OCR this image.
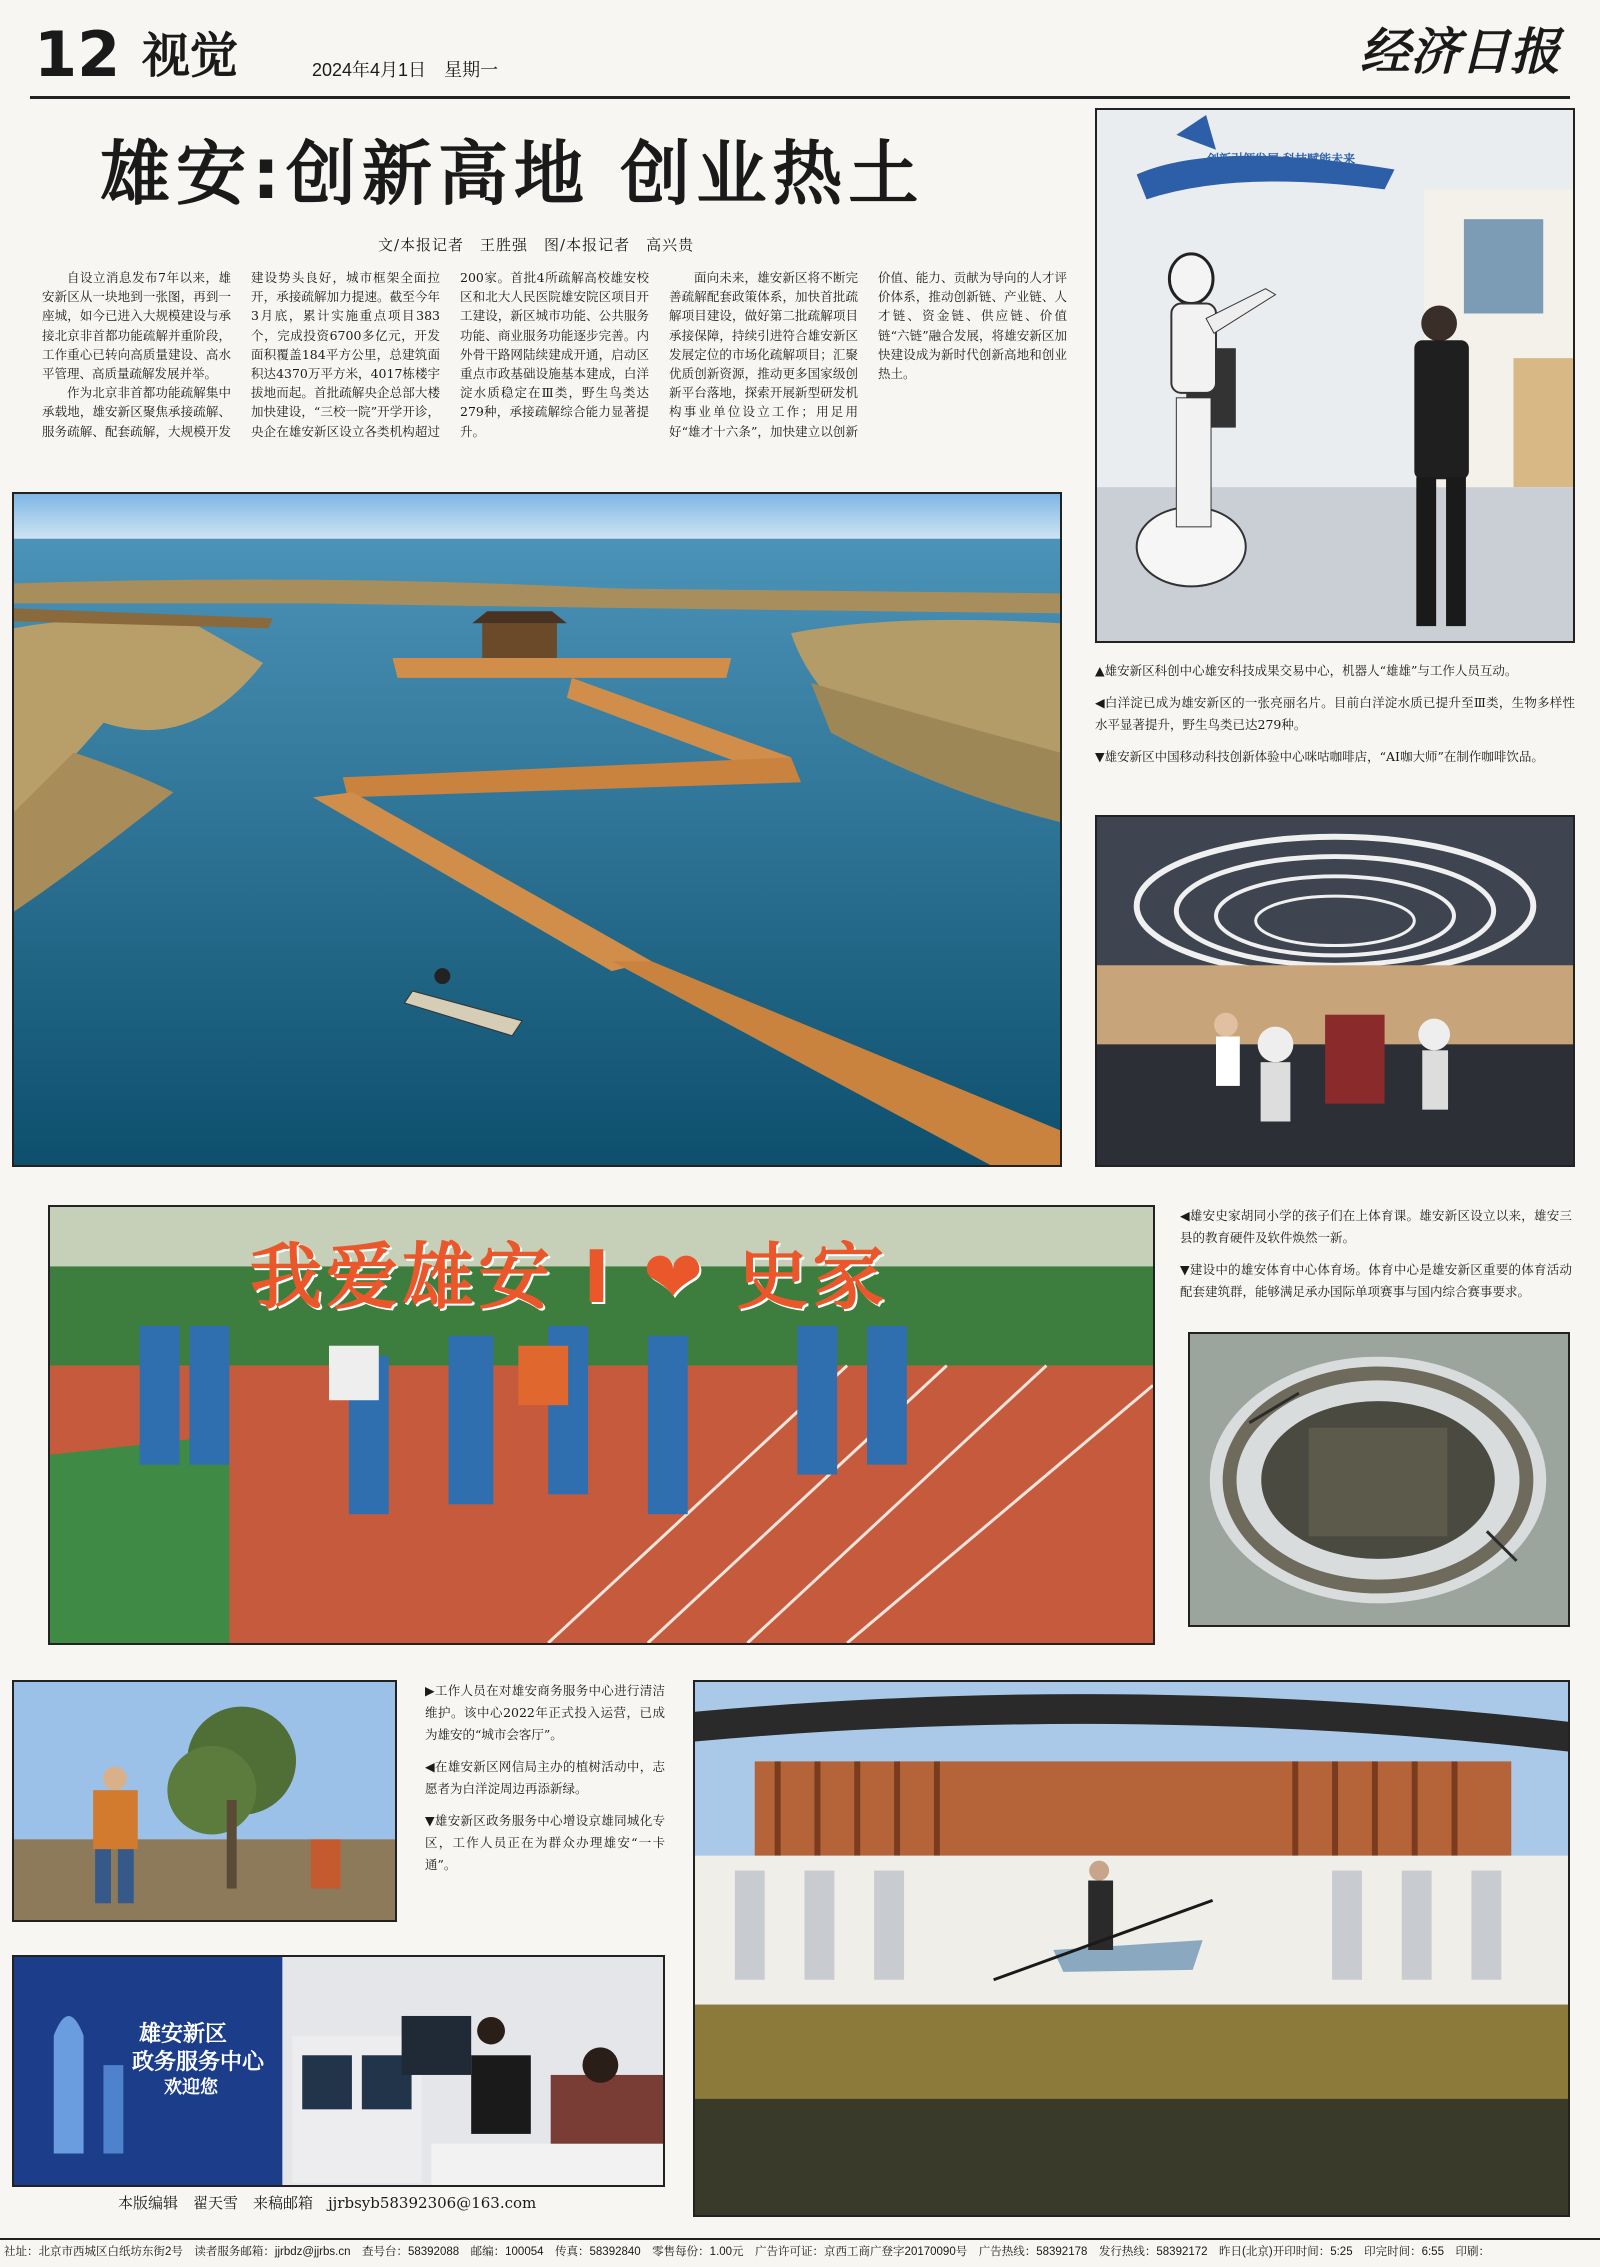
12 视觉	2024年4月1日　星期一	经济日报
雄安:创新高地 创业热土
文/本报记者　王胜强　图/本报记者　高兴贵

自设立消息发布7年以来，雄安新区从一块地到一张图，再到一座城，如今已进入大规模建设与承接北京非首都功能疏解并重阶段，工作重心已转向高质量建设、高水平管理、高质量疏解发展并举。

作为北京非首都功能疏解集中承载地，雄安新区聚焦承接疏解、服务疏解、配套疏解，大规模开发建设势头良好，城市框架全面拉开，承接疏解加力提速。截至今年3月底，累计实施重点项目383个，完成投资6700多亿元，开发面积覆盖184平方公里，总建筑面积达4370万平方米，4017栋楼宇拔地而起。首批疏解央企总部大楼加快建设，“三校一院”开学开诊，央企在雄安新区设立各类机构超过200家。首批4所疏解高校雄安校区和北大人民医院雄安院区项目开工建设，新区城市功能、公共服务功能、商业服务功能逐步完善。内外骨干路网陆续建成开通，启动区重点市政基础设施基本建成，白洋淀水质稳定在Ⅲ类，野生鸟类达279种，承接疏解综合能力显著提升。

面向未来，雄安新区将不断完善疏解配套政策体系，加快首批疏解项目建设，做好第二批疏解项目承接保障，持续引进符合雄安新区发展定位的市场化疏解项目；汇聚优质创新资源，推动更多国家级创新平台落地，探索开展新型研发机构事业单位设立工作；用足用好“雄才十六条”，加快建立以创新价值、能力、贡献为导向的人才评价体系，推动创新链、产业链、人才链、资金链、供应链、价值链“六链”融合发展，将雄安新区加快建设成为新时代创新高地和创业热土。

创新引领发展 科技赋能未来

▲雄安新区科创中心雄安科技成果交易中心，机器人“雄雄”与工作人员互动。

◀白洋淀已成为雄安新区的一张亮丽名片。目前白洋淀水质已提升至Ⅲ类，生物多样性水平显著提升，野生鸟类已达279种。

▼雄安新区中国移动科技创新体验中心咪咕咖啡店，“AI咖大师”在制作咖啡饮品。

我爱雄安 I ❤ 史家

◀雄安史家胡同小学的孩子们在上体育课。雄安新区设立以来，雄安三县的教育硬件及软件焕然一新。

▼建设中的雄安体育中心体育场。体育中心是雄安新区重要的体育活动配套建筑群，能够满足承办国际单项赛事与国内综合赛事要求。

▶工作人员在对雄安商务服务中心进行清洁维护。该中心2022年正式投入运营，已成为雄安的“城市会客厅”。

◀在雄安新区网信局主办的植树活动中，志愿者为白洋淀周边再添新绿。

▼雄安新区政务服务中心增设京雄同城化专区，工作人员正在为群众办理雄安“一卡通”。

雄安新区
政务服务中心
欢迎您
本版编辑　翟天雪　来稿邮箱　jjrbsyb58392306@163.com
社址：北京市西城区白纸坊东街2号　读者服务邮箱：jjrbdz@jjrbs.cn　查号台：58392088　邮编：100054　传真：58392840　零售每份：1.00元　广告许可证：京西工商广登字20170090号　广告热线：58392178　发行热线：58392172　昨日(北京)开印时间：5:25　印完时间：6:55　印刷：
